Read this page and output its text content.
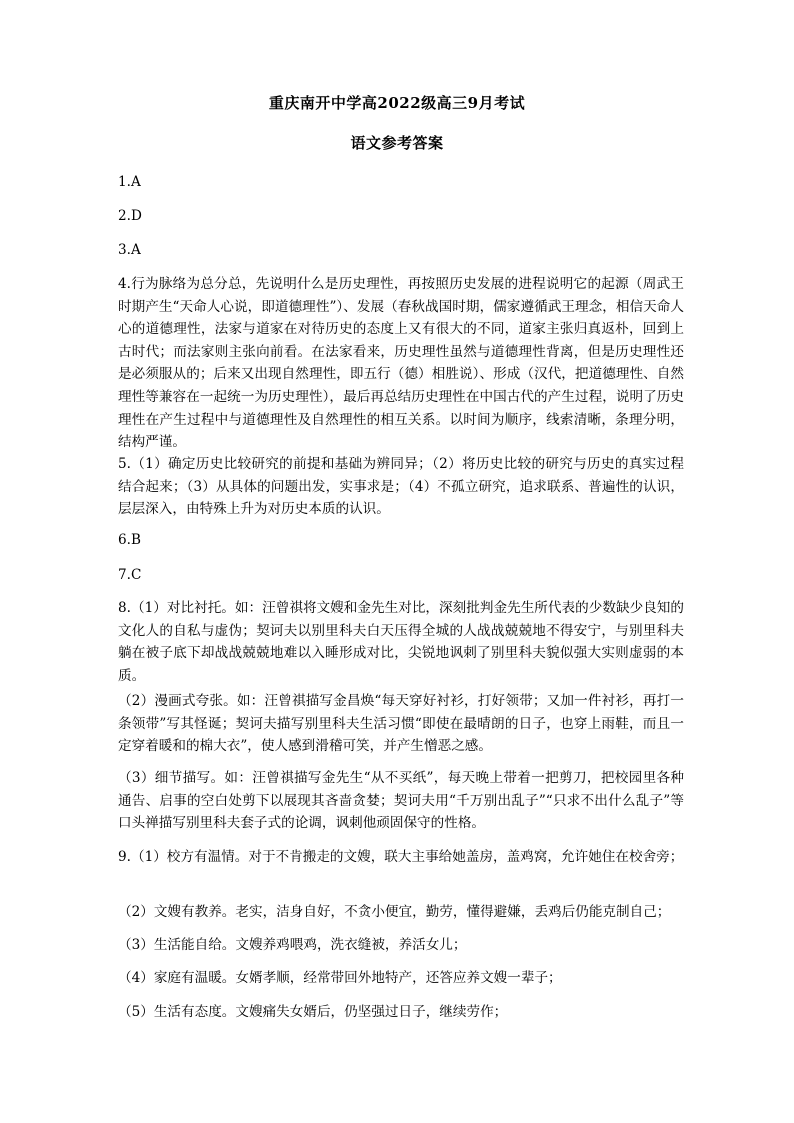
重庆南开中学高2022级高三9月考试
语文参考答案
1.A
2.D
3.A
4.行为脉络为总分总，先说明什么是历史理性，再按照历史发展的进程说明它的起源（周武王时期产生“天命人心说，即道德理性”）、发展（春秋战国时期，儒家遵循武王理念，相信天命人心的道德理性，法家与道家在对待历史的态度上又有很大的不同，道家主张归真返朴，回到上古时代；而法家则主张向前看。在法家看来，历史理性虽然与道德理性背离，但是历史理性还是必须服从的；后来又出现自然理性，即五行（德）相胜说）、形成（汉代，把道德理性、自然理性等兼容在一起统一为历史理性），最后再总结历史理性在中国古代的产生过程，说明了历史理性在产生过程中与道德理性及自然理性的相互关系。以时间为顺序，线索清晰，条理分明，结构严谨。
5.（1）确定历史比较研究的前提和基础为辨同异；（2）将历史比较的研究与历史的真实过程结合起来；（3）从具体的问题出发，实事求是；（4）不孤立研究，追求联系、普遍性的认识，层层深入，由特殊上升为对历史本质的认识。
6.B
7.C
8.（1）对比衬托。如：汪曾祺将文嫂和金先生对比，深刻批判金先生所代表的少数缺少良知的文化人的自私与虚伪；契诃夫以别里科夫白天压得全城的人战战兢兢地不得安宁，与别里科夫躺在被子底下却战战兢兢地难以入睡形成对比，尖锐地讽刺了别里科夫貌似强大实则虚弱的本质。
（2）漫画式夸张。如：汪曾祺描写金昌焕“每天穿好衬衫，打好领带；又加一件衬衫，再打一条领带”写其怪诞；契诃夫描写别里科夫生活习惯“即使在最晴朗的日子，也穿上雨鞋，而且一定穿着暖和的棉大衣”，使人感到滑稽可笑，并产生憎恶之感。
（3）细节描写。如：汪曾祺描写金先生“从不买纸”，每天晚上带着一把剪刀，把校园里各种通告、启事的空白处剪下以展现其吝啬贪婪；契诃夫用“千万别出乱子”“只求不出什么乱子”等口头禅描写别里科夫套子式的论调，讽刺他顽固保守的性格。
9.（1）校方有温情。对于不肯搬走的文嫂，联大主事给她盖房，盖鸡窝，允许她住在校舍旁；
（2）文嫂有教养。老实，洁身自好，不贪小便宜，勤劳，懂得避嫌，丢鸡后仍能克制自己；
（3）生活能自给。文嫂养鸡喂鸡，洗衣缝被，养活女儿；
（4）家庭有温暖。女婿孝顺，经常带回外地特产，还答应养文嫂一辈子；
（5）生活有态度。文嫂痛失女婿后，仍坚强过日子，继续劳作；
